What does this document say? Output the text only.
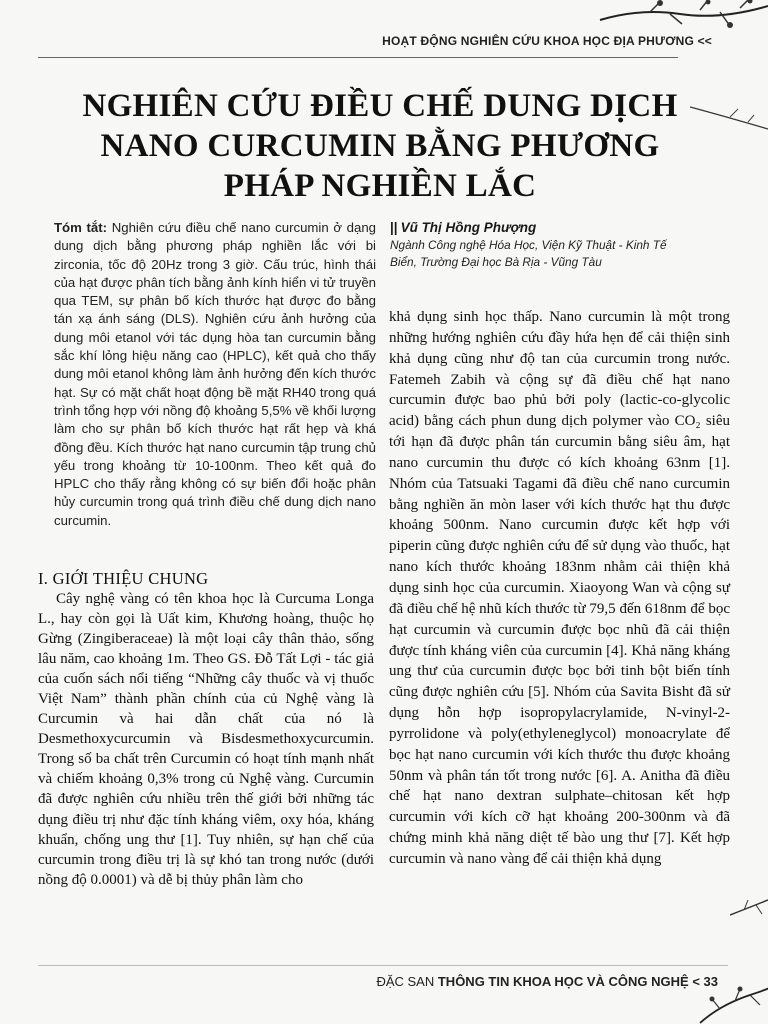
HOẠT ĐỘNG NGHIÊN CỨU KHOA HỌC ĐỊA PHƯƠNG <<
NGHIÊN CỨU ĐIỀU CHẾ DUNG DỊCH
NANO CURCUMIN BẰNG PHƯƠNG
PHÁP NGHIỀN LẮC
Tóm tắt: Nghiên cứu điều chế nano curcumin ở dạng dung dịch bằng phương pháp nghiền lắc với bi zirconia, tốc độ 20Hz trong 3 giờ. Cấu trúc, hình thái của hạt được phân tích bằng ảnh kính hiển vi tử truyền qua TEM, sự phân bố kích thước hạt được đo bằng tán xạ ánh sáng (DLS). Nghiên cứu ảnh hưởng của dung môi etanol với tác dụng hòa tan curcumin bằng sắc khí lỏng hiệu năng cao (HPLC), kết quả cho thấy dung môi etanol không làm ảnh hưởng đến kích thước hạt. Sự có mặt chất hoạt động bề mặt RH40 trong quá trình tổng hợp với nồng độ khoảng 5,5% về khối lượng làm cho sự phân bố kích thước hạt rất hẹp và khá đồng đều. Kích thước hạt nano curcumin tập trung chủ yếu trong khoảng từ 10-100nm. Theo kết quả đo HPLC cho thấy rằng không có sự biến đổi hoặc phân hủy curcumin trong quá trình điều chế dung dịch nano curcumin.
|| Vũ Thị Hồng Phượng
Ngành Công nghệ Hóa Học, Viện Kỹ Thuật - Kinh Tế
Biển, Trường Đại học Bà Rịa - Vũng Tàu
I. GIỚI THIỆU CHUNG

Cây nghệ vàng có tên khoa học là Curcuma Longa L., hay còn gọi là Uất kim, Khương hoàng, thuộc họ Gừng (Zingiberaceae) là một loại cây thân thảo, sống lâu năm, cao khoảng 1m. Theo GS. Đỗ Tất Lợi - tác giả của cuốn sách nổi tiếng “Những cây thuốc và vị thuốc Việt Nam” thành phần chính của củ Nghệ vàng là Curcumin và hai dẫn chất của nó là Desmethoxycurcumin và Bisdesmethoxycurcumin. Trong số ba chất trên Curcumin có hoạt tính mạnh nhất và chiếm khoảng 0,3% trong củ Nghệ vàng. Curcumin đã được nghiên cứu nhiều trên thế giới bởi những tác dụng điều trị như đặc tính kháng viêm, oxy hóa, kháng khuẩn, chống ung thư [1]. Tuy nhiên, sự hạn chế của curcumin trong điều trị là sự khó tan trong nước (dưới nồng độ 0.0001) và dễ bị thủy phân làm cho

khả dụng sinh học thấp. Nano curcumin là một trong những hướng nghiên cứu đầy hứa hẹn để cải thiện sinh khả dụng cũng như độ tan của curcumin trong nước. Fatemeh Zabih và cộng sự đã điều chế hạt nano curcumin được bao phủ bởi poly (lactic-co-glycolic acid) bằng cách phun dung dịch polymer vào CO₂ siêu tới hạn đã được phân tán curcumin bằng siêu âm, hạt nano curcumin thu được có kích khoảng 63nm [1]. Nhóm của Tatsuaki Tagami đã điều chế nano curcumin bằng nghiền ăn mòn laser với kích thước hạt thu được khoảng 500nm. Nano curcumin được kết hợp với piperin cũng được nghiên cứu để sử dụng vào thuốc, hạt nano kích thước khoảng 183nm nhằm cải thiện khả dụng sinh học của curcumin. Xiaoyong Wan và cộng sự đã điều chế hệ nhũ kích thước từ 79,5 đến 618nm để bọc hạt curcumin và curcumin được bọc nhũ đã cải thiện được tính kháng viên của curcumin [4]. Khả năng kháng ung thư của curcumin được bọc bởi tinh bột biến tính cũng được nghiên cứu [5]. Nhóm của Savita Bisht đã sử dụng hỗn hợp isopropylacrylamide, N-vinyl-2-pyrrolidone và poly(ethyleneglycol) monoacrylate để bọc hạt nano curcumin với kích thước thu được khoảng 50nm và phân tán tốt trong nước [6]. A. Anitha đã điều chế hạt nano dextran sulphate–chitosan kết hợp curcumin với kích cỡ hạt khoảng 200-300nm và đã chứng minh khả năng diệt tế bào ung thư [7]. Kết hợp curcumin và nano vàng để cải thiện khả dụng

ĐẶC SAN THÔNG TIN KHOA HỌC VÀ CÔNG NGHỆ < 33
